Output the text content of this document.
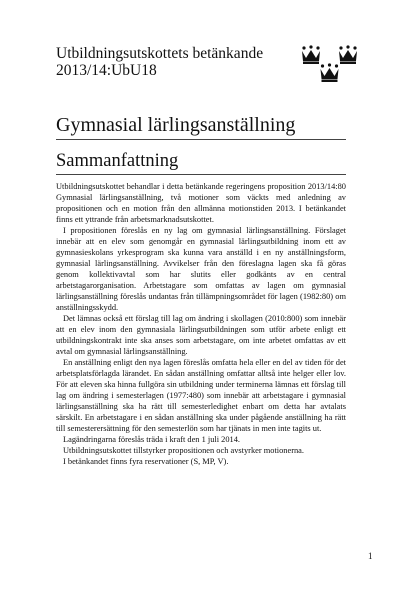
Utbildningsutskottets betänkande
2013/14:UbU18
Gymnasial lärlingsanställning
Sammanfattning

Utbildningsutskottet behandlar i detta betänkande regeringens proposition 2013/14:80 Gymnasial lärlingsanställning, två motioner som väckts med anledning av propositionen och en motion från den allmänna motionstiden 2013. I betänkandet finns ett yttrande från arbetsmarknadsutskottet.

I propositionen föreslås en ny lag om gymnasial lärlingsanställning. Förslaget innebär att en elev som genomgår en gymnasial lärlingsutbildning inom ett av gymnasieskolans yrkesprogram ska kunna vara anställd i en ny anställningsform, gymnasial lärlingsanställning. Avvikelser från den föreslagna lagen ska få göras genom kollektivavtal som har slutits eller godkänts av en central arbetstagarorganisation. Arbetstagare som omfattas av lagen om gymnasial lärlingsanställning föreslås undantas från tillämpningsområdet för lagen (1982:80) om anställningsskydd.

Det lämnas också ett förslag till lag om ändring i skollagen (2010:800) som innebär att en elev inom den gymnasiala lärlingsutbildningen som utför arbete enligt ett utbildningskontrakt inte ska anses som arbetstagare, om inte arbetet omfattas av ett avtal om gymnasial lärlingsanställning.

En anställning enligt den nya lagen föreslås omfatta hela eller en del av tiden för det arbetsplatsförlagda lärandet. En sådan anställning omfattar alltså inte helger eller lov. För att eleven ska hinna fullgöra sin utbildning under terminerna lämnas ett förslag till lag om ändring i semesterlagen (1977:480) som innebär att arbetstagare i gymnasial lärlingsanställning ska ha rätt till semesterledighet enbart om detta har avtalats särskilt. En arbetstagare i en sådan anställning ska under pågående anställning ha rätt till semesterersättning för den semesterlön som har tjänats in men inte tagits ut.

Lagändringarna föreslås träda i kraft den 1 juli 2014.

Utbildningsutskottet tillstyrker propositionen och avstyrker motionerna.

I betänkandet finns fyra reservationer (S, MP, V).

1
